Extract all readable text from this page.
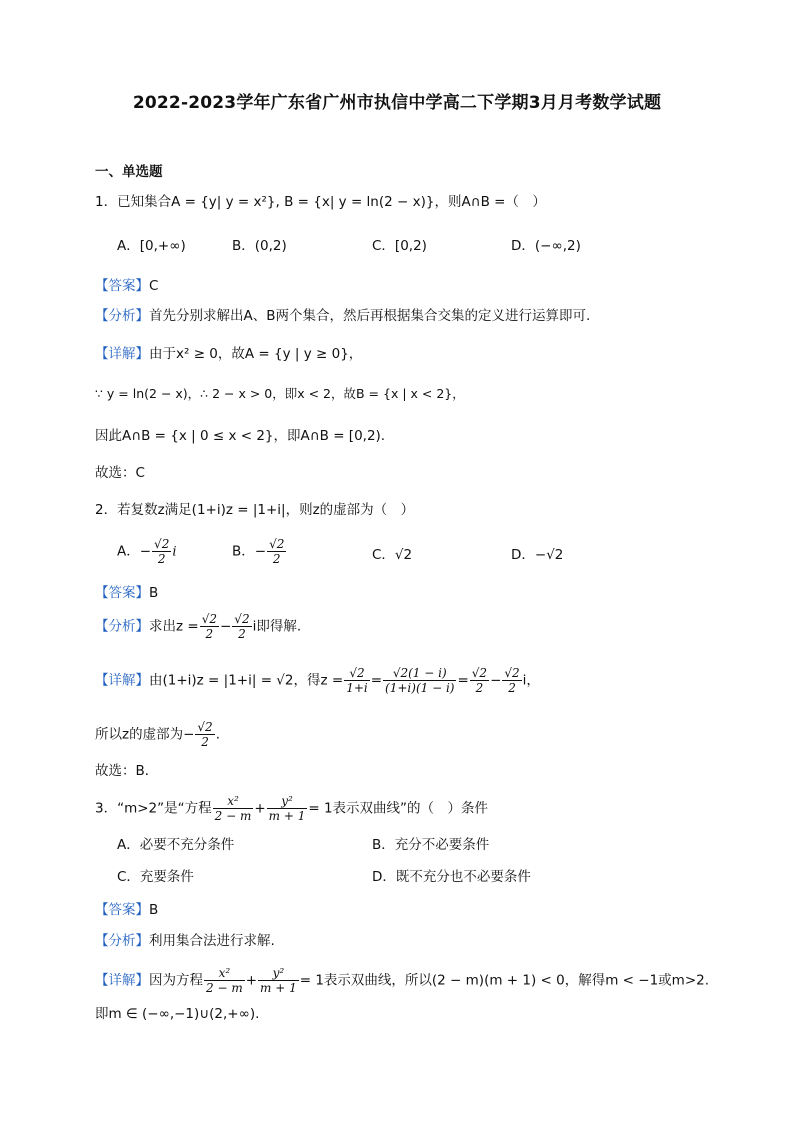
2022-2023学年广东省广州市执信中学高二下学期3月月考数学试题
一、单选题
1．已知集合A = {y| y = x²}, B = {x| y = ln(2 − x)}，则A∩B =（　）
A．[0,+∞)	B．(0,2)	C．[0,2)	D．(−∞,2)
【答案】C
【分析】首先分别求解出A、B两个集合，然后再根据集合交集的定义进行运算即可.
【详解】由于x² ≥ 0，故A = {y | y ≥ 0}，
∵ y = ln(2 − x)，∴ 2 − x > 0，即x < 2，故B = {x | x < 2}，
因此A∩B = {x | 0 ≤ x < 2}，即A∩B = [0,2).
故选：C
2．若复数z满足(1+i)z = |1+i|，则z的虚部为（　）
A．− $\frac{√2}{2}$ i	B．− $\frac{√2}{2}$	C．√2	D．−√2
【答案】B
【分析】求出$z = \frac{√2}{2} - \frac{√2}{2}$ i即得解.
【详解】由(1+i)z = |1+i| = √2，得$z = \frac{√2}{1+i} = \frac{√2(1 - i)}{(1+i)(1 - i)} = \frac{√2}{2} - \frac{√2}{2}$ i，
所以z的虚部为− $\frac{√2}{2}$ .
故选：B．
3．“m>2”是“方程 $\frac{\text{x²}}{2 - m} + \frac{\text{y²}}{m + 1} = 1$表示双曲线”的（　）条件
A．必要不充分条件	B．充分不必要条件
C．充要条件	D．既不充分也不必要条件
【答案】B
【分析】利用集合法进行求解.
【详解】因为方程 $\frac{\text{x²}}{2 - m} + \frac{\text{y²}}{m + 1} = 1$表示双曲线，所以(2 − m)(m + 1) < 0，解得m < −1或m>2.
即m ∈ (−∞,−1)∪(2,+∞).
